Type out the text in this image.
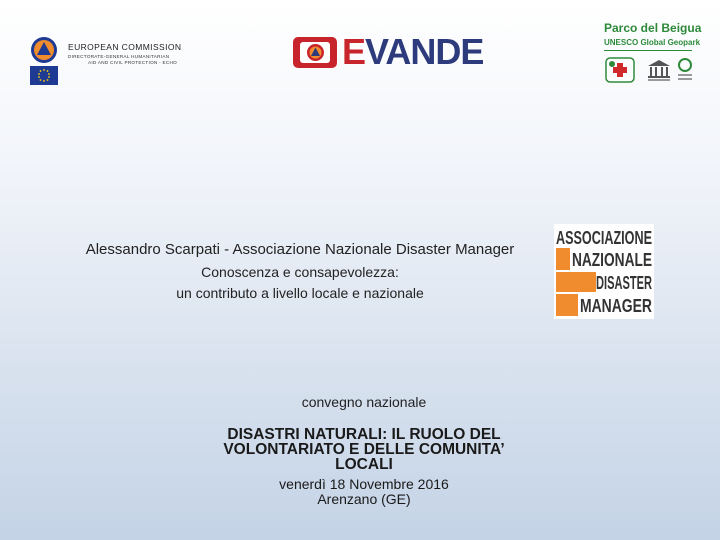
EUROPEAN COMMISSION
DIRECTORATE-GENERAL HUMANITARIAN
AID AND CIVIL PROTECTION - ECHO	EVANDE
Parco del Beigua
UNESCO Global Geopark
Alessandro Scarpati - Associazione Nazionale Disaster Manager
Conoscenza e consapevolezza:
un contributo a livello locale e nazionale
ASSOCIAZIONE
NAZIONALE
DISASTER
MANAGER
convegno nazionale
DISASTRI NATURALI: IL RUOLO DEL
VOLONTARIATO E DELLE COMUNITA’
LOCALI
venerdì 18 Novembre 2016
Arenzano (GE)
